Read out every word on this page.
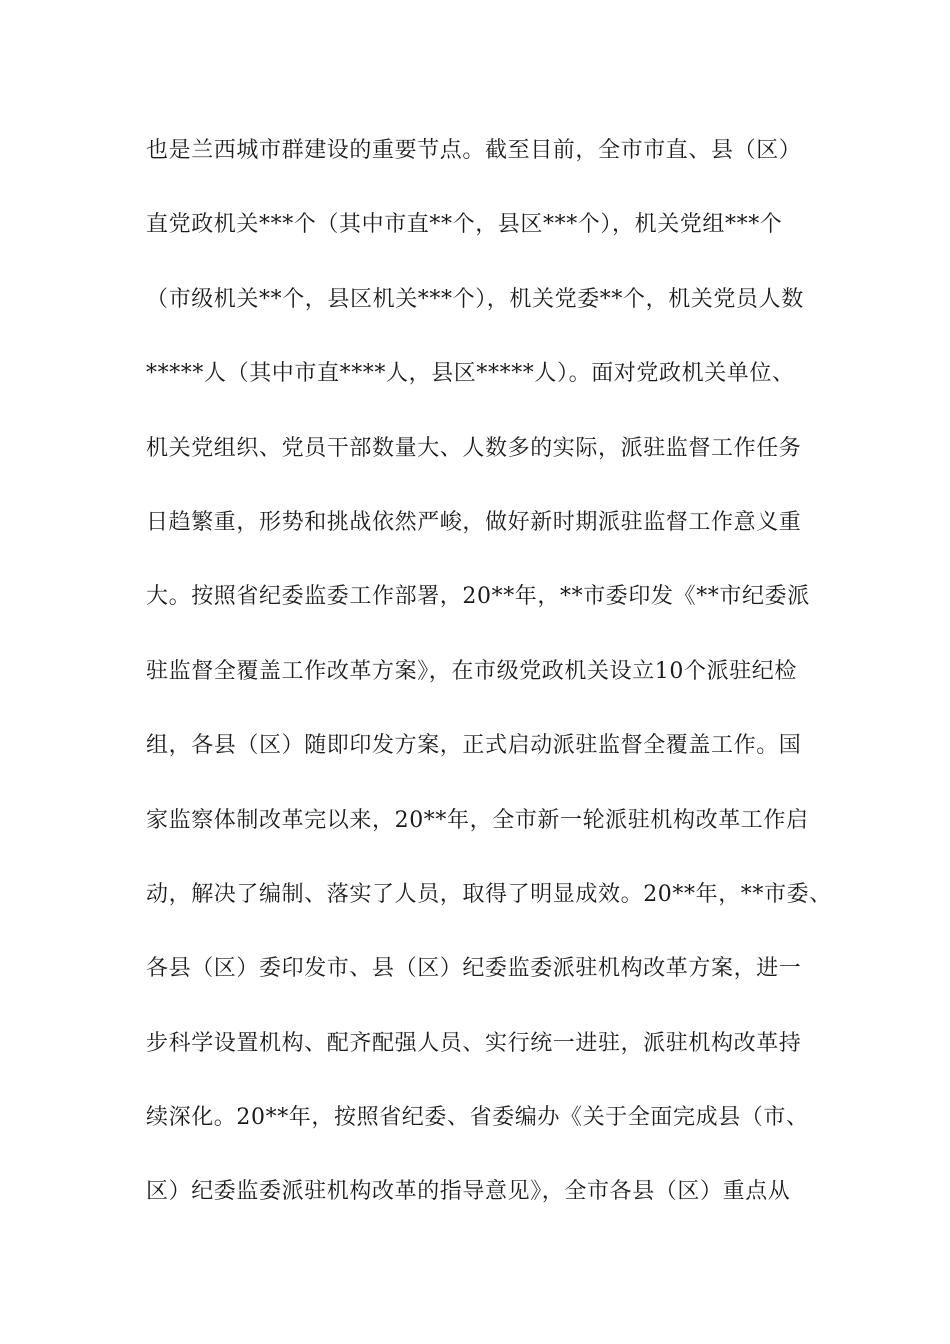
也是兰西城市群建设的重要节点。截至目前，全市市直、县（区）
直党政机关***个（其中市直**个，县区***个），机关党组***个
（市级机关**个，县区机关***个），机关党委**个，机关党员人数
*****人（其中市直****人，县区*****人）。面对党政机关单位、
机关党组织、党员干部数量大、人数多的实际，派驻监督工作任务
日趋繁重，形势和挑战依然严峻，做好新时期派驻监督工作意义重
大。按照省纪委监委工作部署，20**年，**市委印发《**市纪委派
驻监督全覆盖工作改革方案》，在市级党政机关设立10个派驻纪检
组，各县（区）随即印发方案，正式启动派驻监督全覆盖工作。国
家监察体制改革完以来，20**年，全市新一轮派驻机构改革工作启
动，解决了编制、落实了人员，取得了明显成效。20**年，**市委、
各县（区）委印发市、县（区）纪委监委派驻机构改革方案，进一
步科学设置机构、配齐配强人员、实行统一进驻，派驻机构改革持
续深化。20**年，按照省纪委、省委编办《关于全面完成县（市、
区）纪委监委派驻机构改革的指导意见》，全市各县（区）重点从
